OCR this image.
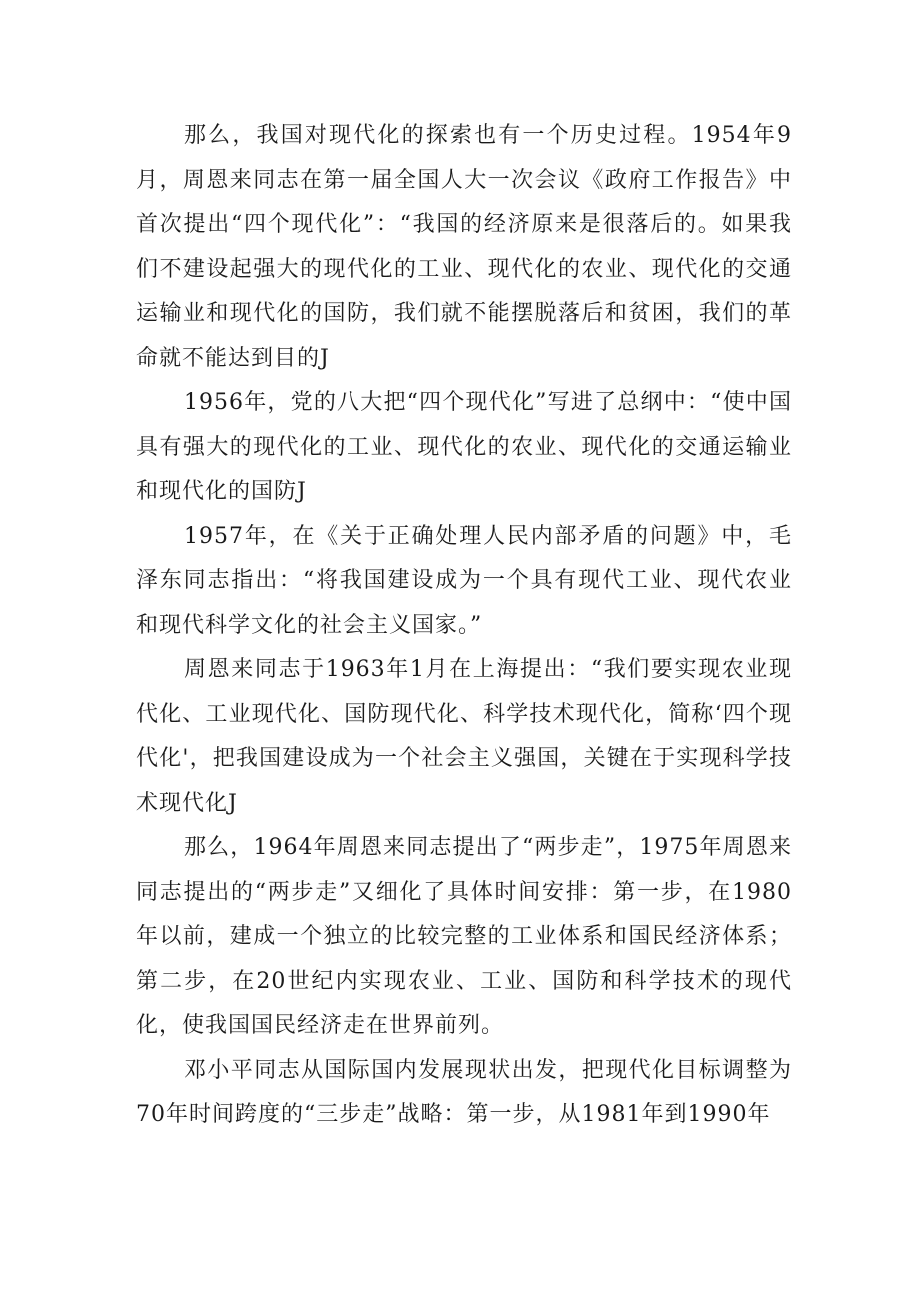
那么，我国对现代化的探索也有一个历史过程。1954年9月，周恩来同志在第一届全国人大一次会议《政府工作报告》中首次提出“四个现代化”：“我国的经济原来是很落后的。如果我们不建设起强大的现代化的工业、现代化的农业、现代化的交通运输业和现代化的国防，我们就不能摆脱落后和贫困，我们的革命就不能达到目的J

1956年，党的八大把“四个现代化”写进了总纲中：“使中国具有强大的现代化的工业、现代化的农业、现代化的交通运输业和现代化的国防J

1957年，在《关于正确处理人民内部矛盾的问题》中，毛泽东同志指出：“将我国建设成为一个具有现代工业、现代农业和现代科学文化的社会主义国家。”

周恩来同志于1963年1月在上海提出：“我们要实现农业现代化、工业现代化、国防现代化、科学技术现代化，简称‘四个现代化'，把我国建设成为一个社会主义强国，关键在于实现科学技术现代化J

那么，1964年周恩来同志提出了“两步走”，1975年周恩来同志提出的“两步走”又细化了具体时间安排：第一步，在1980年以前，建成一个独立的比较完整的工业体系和国民经济体系；第二步，在20世纪内实现农业、工业、国防和科学技术的现代化，使我国国民经济走在世界前列。

邓小平同志从国际国内发展现状出发，把现代化目标调整为70年时间跨度的“三步走”战略：第一步，从1981年到1990年
